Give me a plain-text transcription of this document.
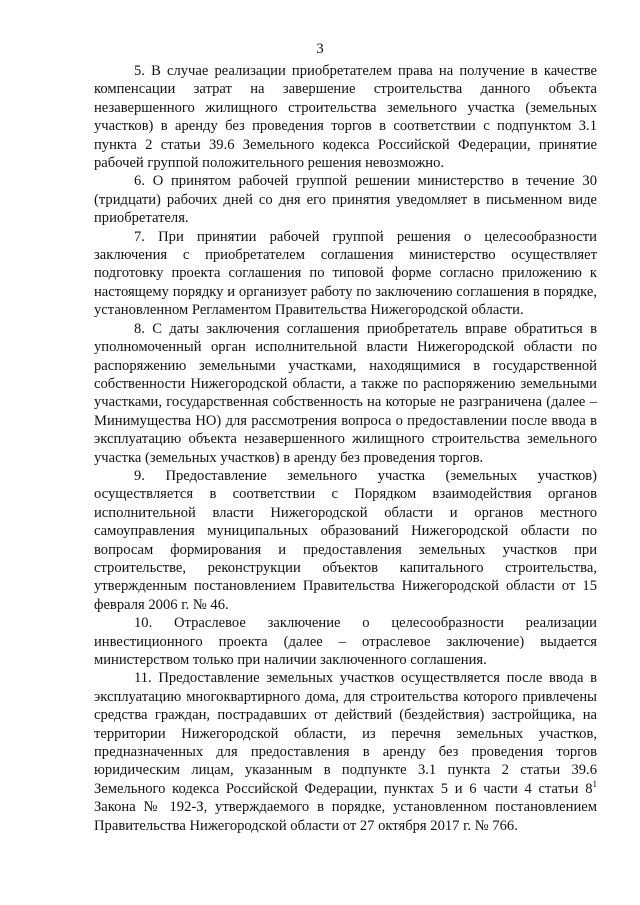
3

5. В случае реализации приобретателем права на получение в качестве компенсации затрат на завершение строительства данного объекта незавершенного жилищного строительства земельного участка (земельных участков) в аренду без проведения торгов в соответствии с подпунктом 3.1 пункта 2 статьи 39.6 Земельного кодекса Российской Федерации, принятие рабочей группой положительного решения невозможно.

6. О принятом рабочей группой решении министерство в течение 30 (тридцати) рабочих дней со дня его принятия уведомляет в письменном виде приобретателя.

7. При принятии рабочей группой решения о целесообразности заключения с приобретателем соглашения министерство осуществляет подготовку проекта соглашения по типовой форме согласно приложению к настоящему порядку и организует работу по заключению соглашения в порядке, установленном Регламентом Правительства Нижегородской области.

8. С даты заключения соглашения приобретатель вправе обратиться в уполномоченный орган исполнительной власти Нижегородской области по распоряжению земельными участками, находящимися в государственной собственности Нижегородской области, а также по распоряжению земельными участками, государственная собственность на которые не разграничена (далее – Минимущества НО) для рассмотрения вопроса о предоставлении после ввода в эксплуатацию объекта незавершенного жилищного строительства земельного участка (земельных участков) в аренду без проведения торгов.

9. Предоставление земельного участка (земельных участков) осуществляется в соответствии с Порядком взаимодействия органов исполнительной власти Нижегородской области и органов местного самоуправления муниципальных образований Нижегородской области по вопросам формирования и предоставления земельных участков при строительстве, реконструкции объектов капитального строительства, утвержденным постановлением Правительства Нижегородской области от 15 февраля 2006 г. № 46.

10. Отраслевое заключение о целесообразности реализации инвестиционного проекта (далее – отраслевое заключение) выдается министерством только при наличии заключенного соглашения.

11. Предоставление земельных участков осуществляется после ввода в эксплуатацию многоквартирного дома, для строительства которого привлечены средства граждан, пострадавших от действий (бездействия) застройщика, на территории Нижегородской области, из перечня земельных участков, предназначенных для предоставления в аренду без проведения торгов юридическим лицам, указанным в подпункте 3.1 пункта 2 статьи 39.6 Земельного кодекса Российской Федерации, пунктах 5 и 6 части 4 статьи $8^1$ Закона № 192-З, утверждаемого в порядке, установленном постановлением Правительства Нижегородской области от 27 октября 2017 г. № 766.
